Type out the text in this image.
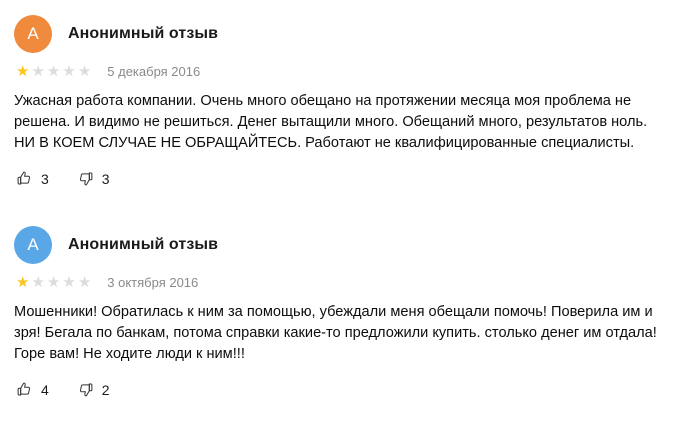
A Анонимный отзыв
★ ★ ★ ★ ★ 5 декабря 2016
Ужасная работа компании. Очень много обещано на протяжении месяца моя проблема не решена. И видимо не решиться. Денег вытащили много. Обещаний много, результатов ноль. НИ В КОЕМ СЛУЧАЕ НЕ ОБРАЩАЙТЕСЬ. Работают не квалифицированные специалисты.
3	3
A Анонимный отзыв
★ ★ ★ ★ ★ 3 октября 2016
Мошенники! Обратилась к ним за помощью, убеждали меня обещали помочь! Поверила им и зря! Бегала по банкам, потома справки какие-то предложили купить. столько денег им отдала! Горе вам! Не ходите люди к ним!!!
4	2
